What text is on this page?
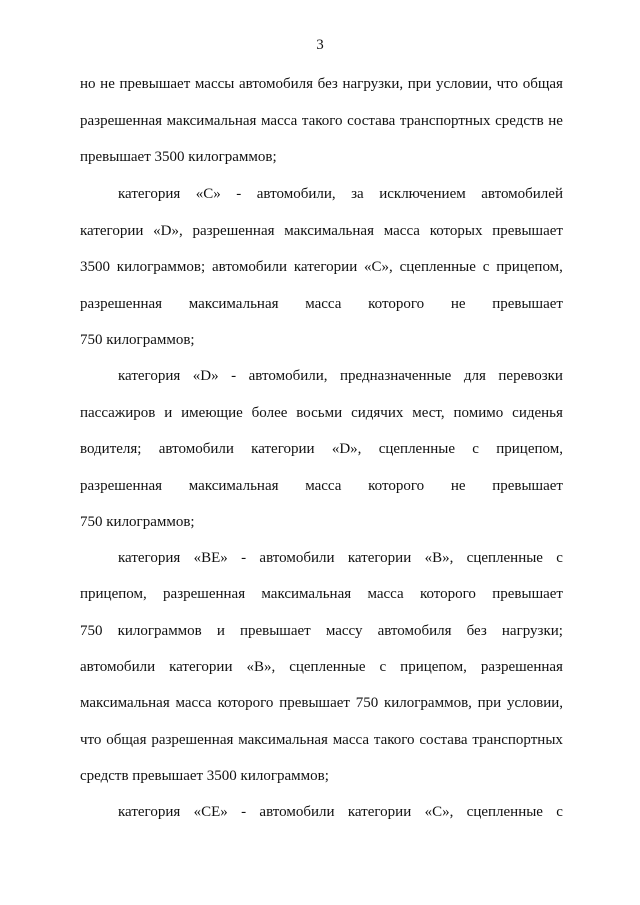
3
но не превышает массы автомобиля без нагрузки, при условии, что общая
разрешенная максимальная масса такого состава транспортных средств не
превышает 3500 килограммов;
категория «С» - автомобили, за исключением автомобилей
категории «D», разрешенная максимальная масса которых превышает
3500 килограммов; автомобили категории «С», сцепленные с прицепом,
разрешенная максимальная масса которого не превышает
750 килограммов;
категория «D» - автомобили, предназначенные для перевозки
пассажиров и имеющие более восьми сидячих мест, помимо сиденья
водителя; автомобили категории «D», сцепленные с прицепом,
разрешенная максимальная масса которого не превышает
750 килограммов;
категория «ВЕ» - автомобили категории «В», сцепленные с
прицепом, разрешенная максимальная масса которого превышает
750 килограммов и превышает массу автомобиля без нагрузки;
автомобили категории «В», сцепленные с прицепом, разрешенная
максимальная масса которого превышает 750 килограммов, при условии,
что общая разрешенная максимальная масса такого состава транспортных
средств превышает 3500 килограммов;
категория «СЕ» - автомобили категории «С», сцепленные с
